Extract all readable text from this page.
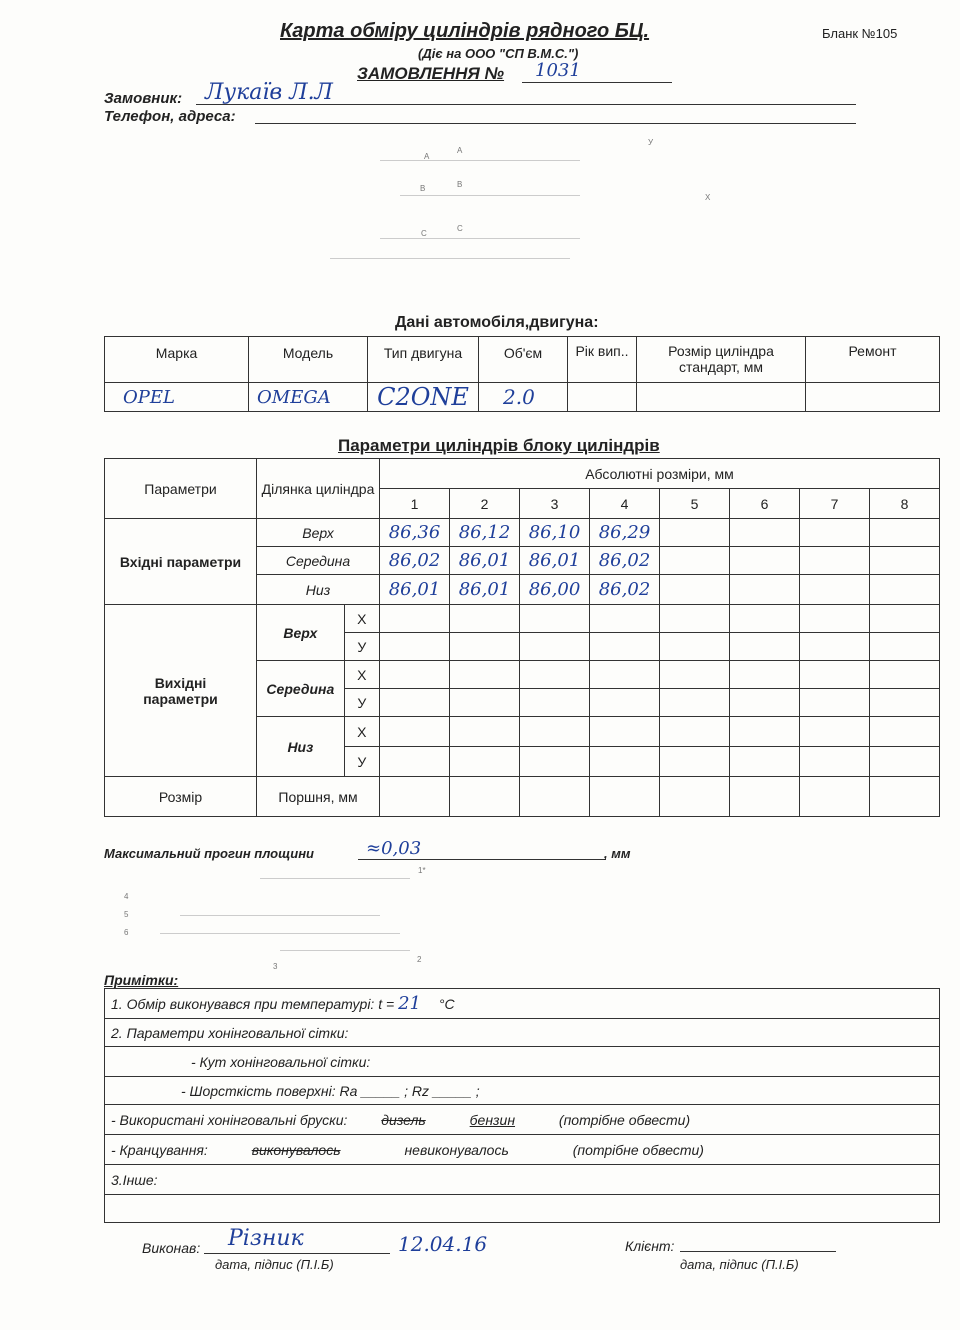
Карта обміру циліндрів рядного БЦ.	Бланк №105
(Діє на ООО "СП В.М.С.")
ЗАМОВЛЕННЯ № 1031
Замовник: Лукаїв Л.Л
Телефон, адреса:
A
A
У
B	B
Х
C
C
Дані автомобіля,двигуна:
Марка	Модель	Тип двигуна	Об'єм	Рік вип..	Розмір циліндра стандарт, мм	Ремонт
OPEL	OMEGA	C2ONE	2.0			
Параметри циліндрів блоку циліндрів
Параметри	Ділянка циліндра		Абсолютні розміри, мм							
			1	2	3	4	5	6	7	8
Вхідні параметри	Верх		86,36	86,12	86,10	86,29				
	Середина		86,02	86,01	86,01	86,02				
	Низ		86,01	86,01	86,00	86,02				
Вихідні параметри	Верх	Х								
		У								
	Середина	Х								
		У								
	Низ	Х								
		У								
Розмір	Поршня, мм									
Максимальний прогин площини	≈0,03	, мм
1*
4
5
6
3
2
Примітки:
1. Обмір виконувався при температурі: t = 21 °C
2. Параметри хонінговальної сітки:
- Кут хонінговальної сітки:
- Шорсткість поверхні: Ra _____ ; Rz _____ ;
- Використані хонінговальні бруски: дизель	бензин	(потрібне обвести)
- Кранцування:	виконувалось	невиконувалось	(потрібне обвести)
3.Інше:

Виконав: Різник	12.04.16
дата, підпис (П.І.Б)
Клієнт:
дата, підпис (П.І.Б)
